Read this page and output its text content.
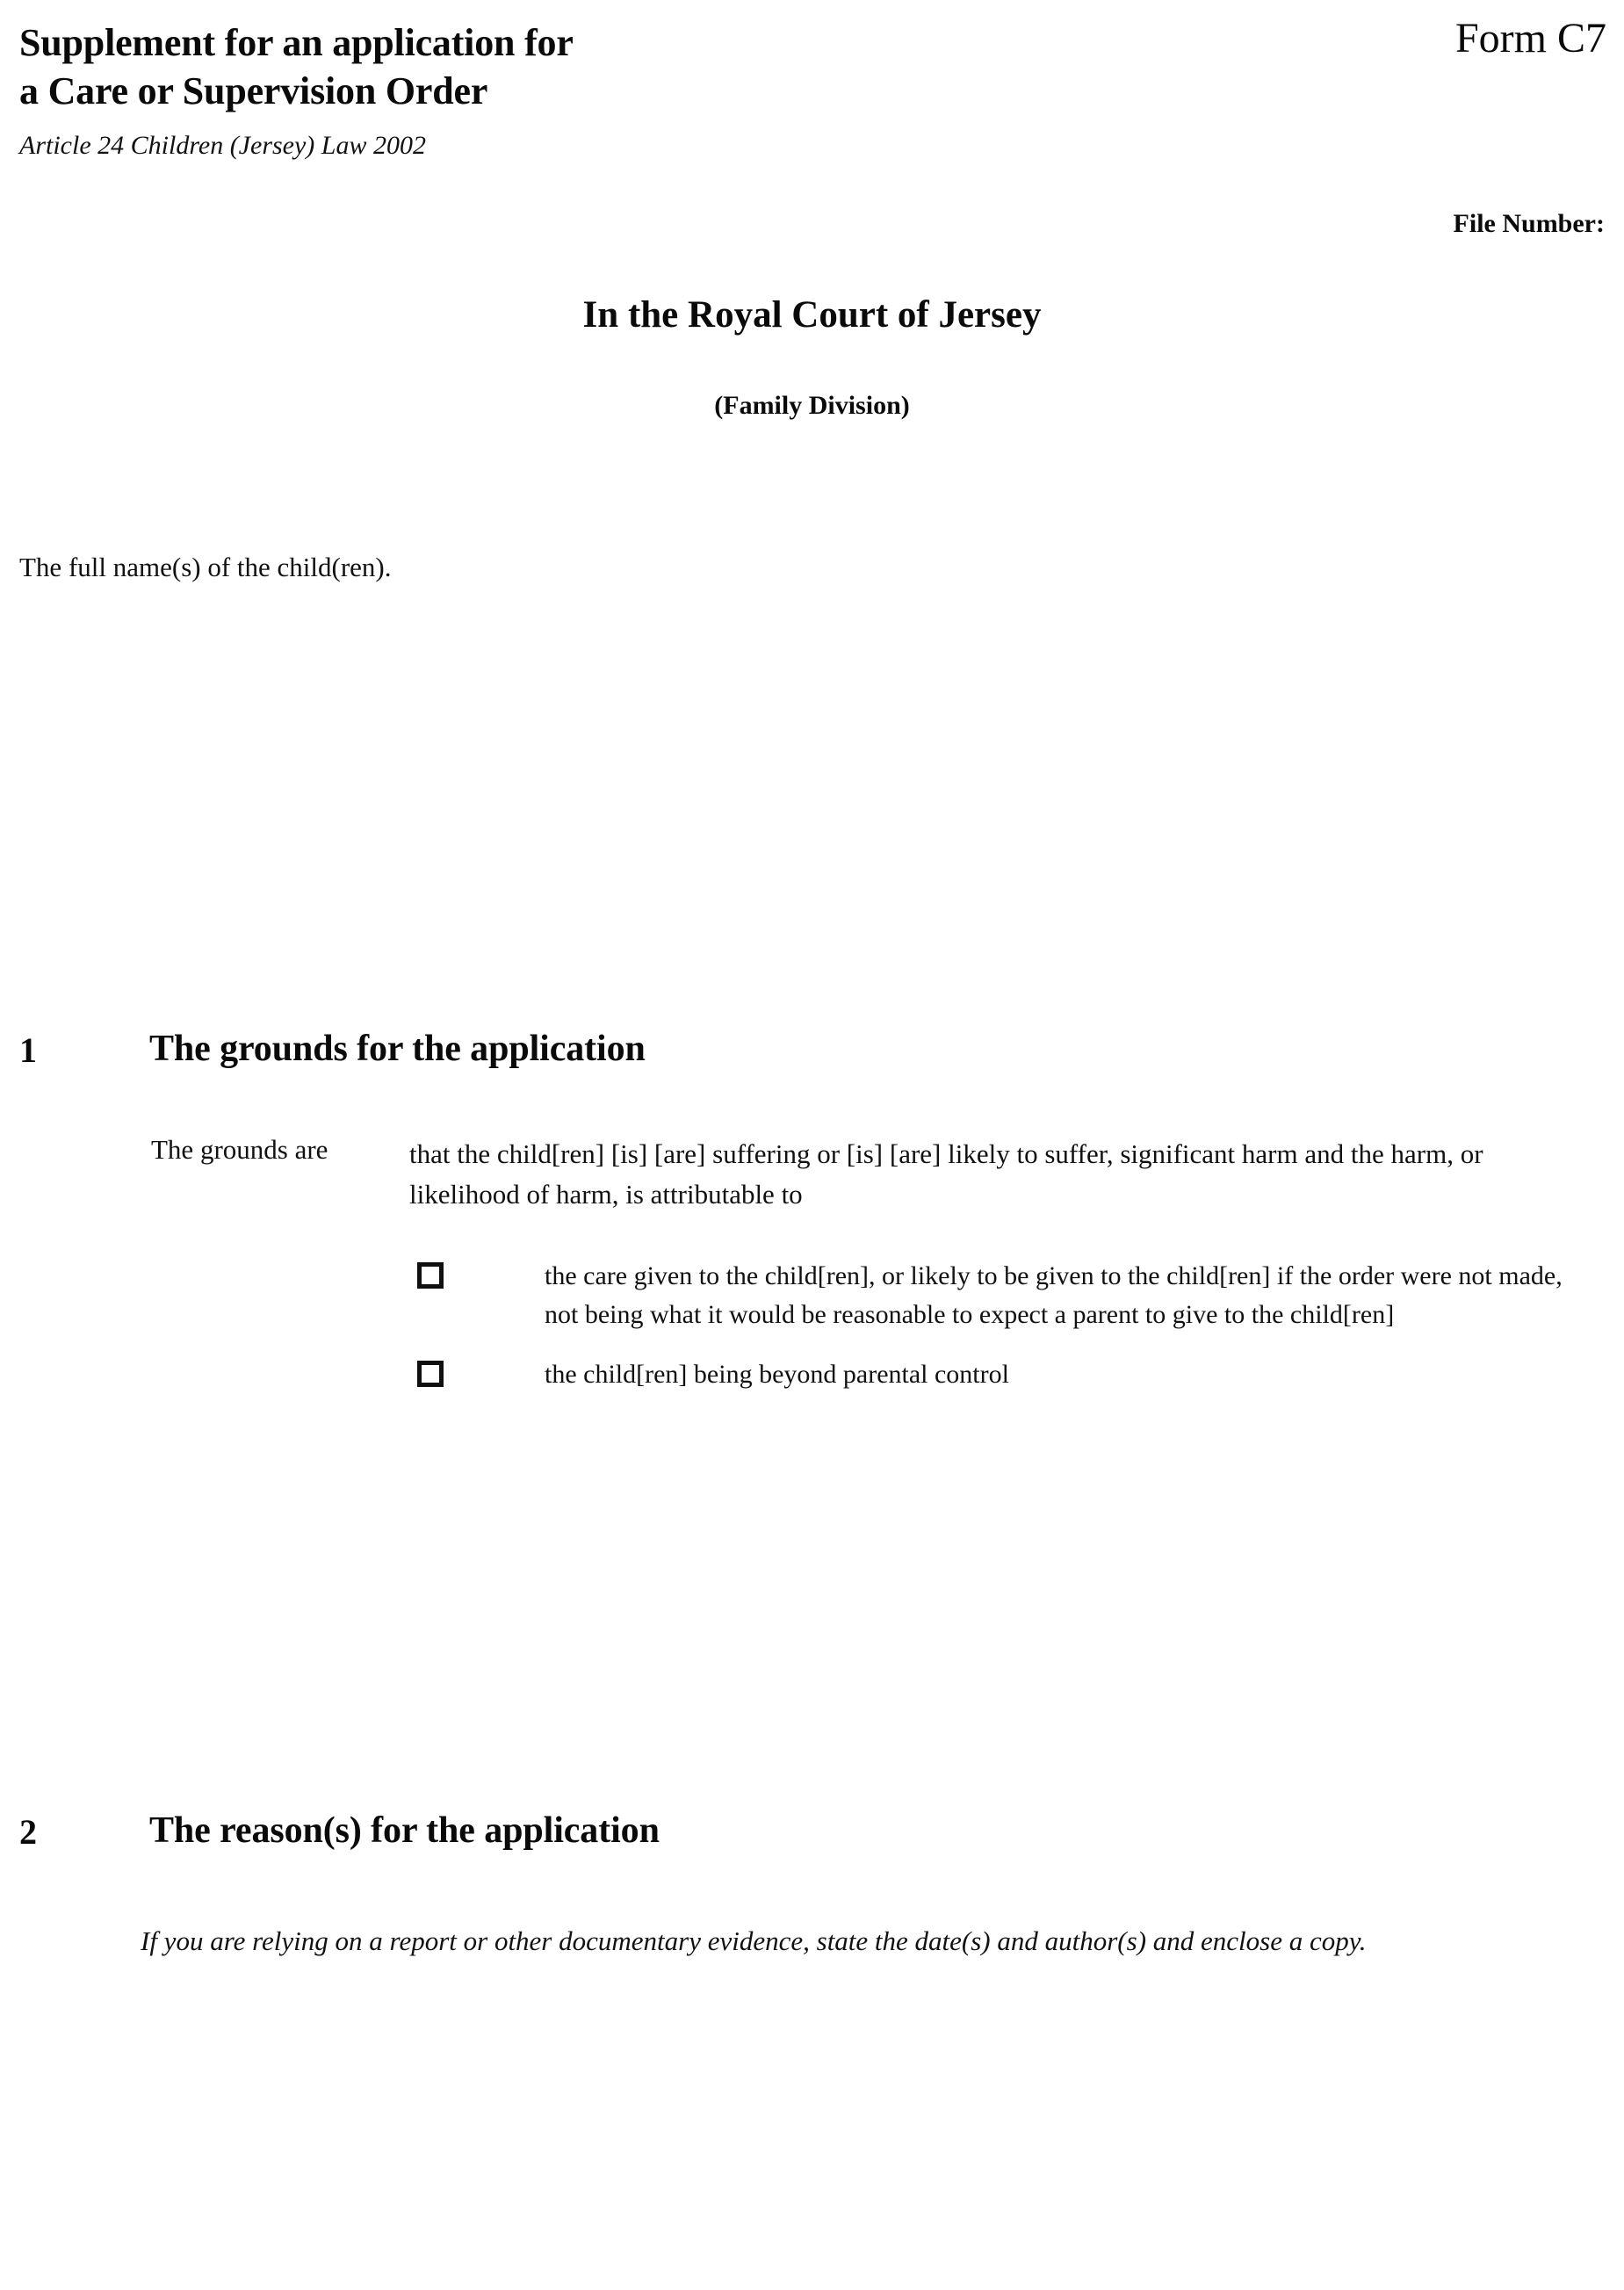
Supplement for an application for
a Care or Supervision Order
Article 24 Children (Jersey) Law 2002
Form C7
File Number:
In the Royal Court of Jersey
(Family Division)
The full name(s) of the child(ren).
1	The grounds for the application
The grounds are	that the child[ren] [is] [are] suffering or [is] [are] likely to suffer, significant harm and the harm, or likelihood of harm, is attributable to
the care given to the child[ren], or likely to be given to the child[ren] if the order were not made, not being what it would be reasonable to expect a parent to give to the child[ren]
the child[ren] being beyond parental control
2	The reason(s) for the application
If you are relying on a report or other documentary evidence, state the date(s) and author(s) and enclose a copy.
